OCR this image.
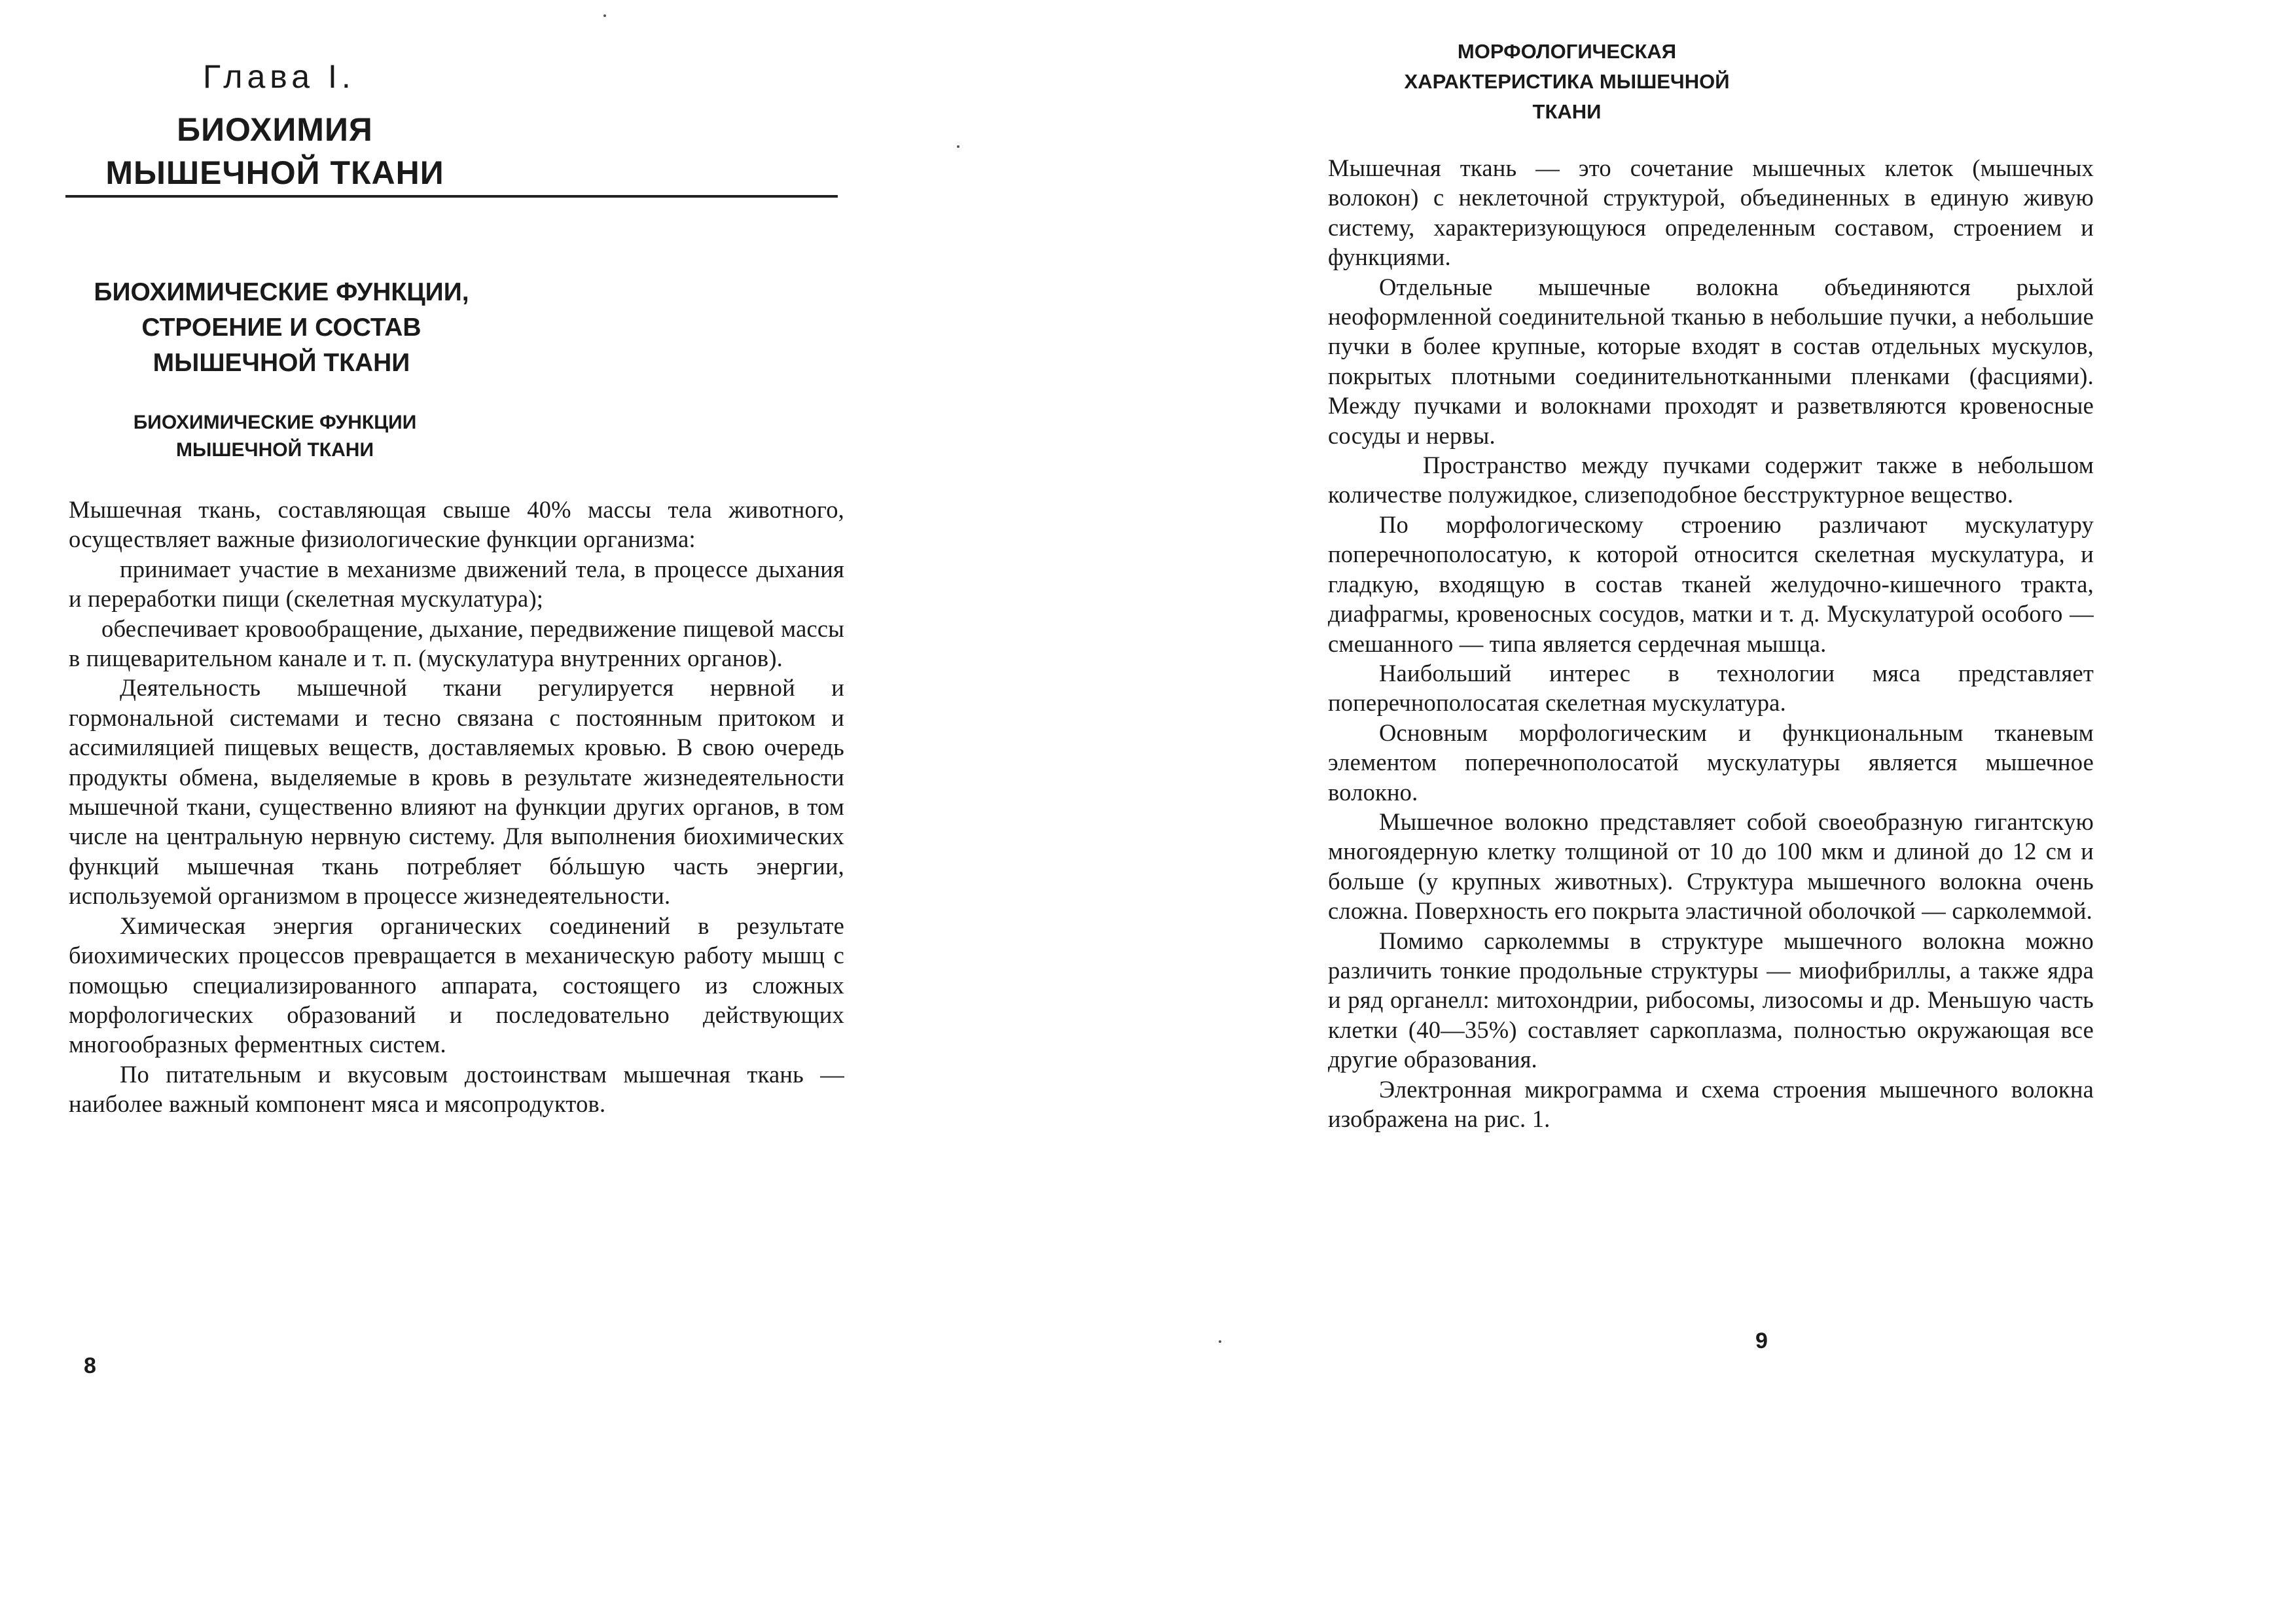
Глава I.
БИОХИМИЯ МЫШЕЧНОЙ ТКАНИ
БИОХИМИЧЕСКИЕ ФУНКЦИИ, СТРОЕНИЕ И СОСТАВ МЫШЕЧНОЙ ТКАНИ
БИОХИМИЧЕСКИЕ ФУНКЦИИ МЫШЕЧНОЙ ТКАНИ

Мышечная ткань, составляющая свыше 40% массы тела животного, осуществляет важные физиологические функции организма:

принимает участие в механизме движений тела, в процессе дыхания и переработки пищи (скелетная мускулатура);

обеспечивает кровообращение, дыхание, передвижение пищевой массы в пищеварительном канале и т. п. (мускулатура внутренних органов).

Деятельность мышечной ткани регулируется нервной и гормональной системами и тесно связана с постоянным притоком и ассимиляцией пищевых веществ, доставляемых кровью. В свою очередь продукты обмена, выделяемые в кровь в результате жизнедеятельности мышечной ткани, существенно влияют на функции других органов, в том числе на центральную нервную систему. Для выполнения биохимических функций мышечная ткань потребляет бóльшую часть энергии, используемой организмом в процессе жизнедеятельности.

Химическая энергия органических соединений в результате биохимических процессов превращается в механическую работу мышц с помощью специализированного аппарата, состоящего из сложных морфологических образований и последовательно действующих многообразных ферментных систем.

По питательным и вкусовым достоинствам мышечная ткань — наиболее важный компонент мяса и мясопродуктов.

8
МОРФОЛОГИЧЕСКАЯ ХАРАКТЕРИСТИКА МЫШЕЧНОЙ ТКАНИ

Мышечная ткань — это сочетание мышечных клеток (мышечных волокон) с неклеточной структурой, объединенных в единую живую систему, характеризующуюся определенным составом, строением и функциями.

Отдельные мышечные волокна объединяются рыхлой неоформленной соединительной тканью в небольшие пучки, а небольшие пучки в более крупные, которые входят в состав отдельных мускулов, покрытых плотными соединительнотканными пленками (фасциями). Между пучками и волокнами проходят и разветвляются кровеносные сосуды и нервы.

Пространство между пучками содержит также в небольшом количестве полужидкое, слизеподобное бесструктурное вещество.

По морфологическому строению различают мускулатуру поперечнополосатую, к которой относится скелетная мускулатура, и гладкую, входящую в состав тканей желудочно-кишечного тракта, диафрагмы, кровеносных сосудов, матки и т. д. Мускулатурой особого — смешанного — типа является сердечная мышца.

Наибольший интерес в технологии мяса представляет поперечнополосатая скелетная мускулатура.

Основным морфологическим и функциональным тканевым элементом поперечнополосатой мускулатуры является мышечное волокно.

Мышечное волокно представляет собой своеобразную гигантскую многоядерную клетку толщиной от 10 до 100 мкм и длиной до 12 см и больше (у крупных животных). Структура мышечного волокна очень сложна. Поверхность его покрыта эластичной оболочкой — сарколеммой.

Помимо сарколеммы в структуре мышечного волокна можно различить тонкие продольные структуры — миофибриллы, а также ядра и ряд органелл: митохондрии, рибосомы, лизосомы и др. Меньшую часть клетки (40—35%) составляет саркоплазма, полностью окружающая все другие образования.

Электронная микрограмма и схема строения мышечного волокна изображена на рис. 1.

9
